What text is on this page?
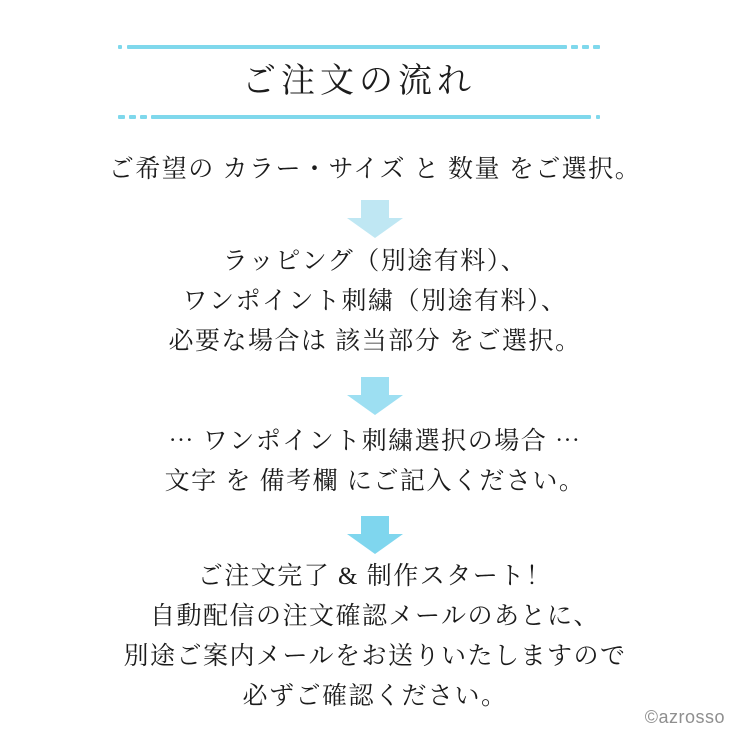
ご注文の流れ

ご希望の カラー・サイズ と 数量 をご選択。

ラッピング（別途有料）、

ワンポイント刺繍（別途有料）、

必要な場合は 該当部分 をご選択。

⋯ ワンポイント刺繍選択の場合 ⋯

文字 を 備考欄 にご記入ください。

ご注文完了 & 制作スタート！

自動配信の注文確認メールのあとに、

別途ご案内メールをお送りいたしますので

必ずご確認ください。

©azrosso
